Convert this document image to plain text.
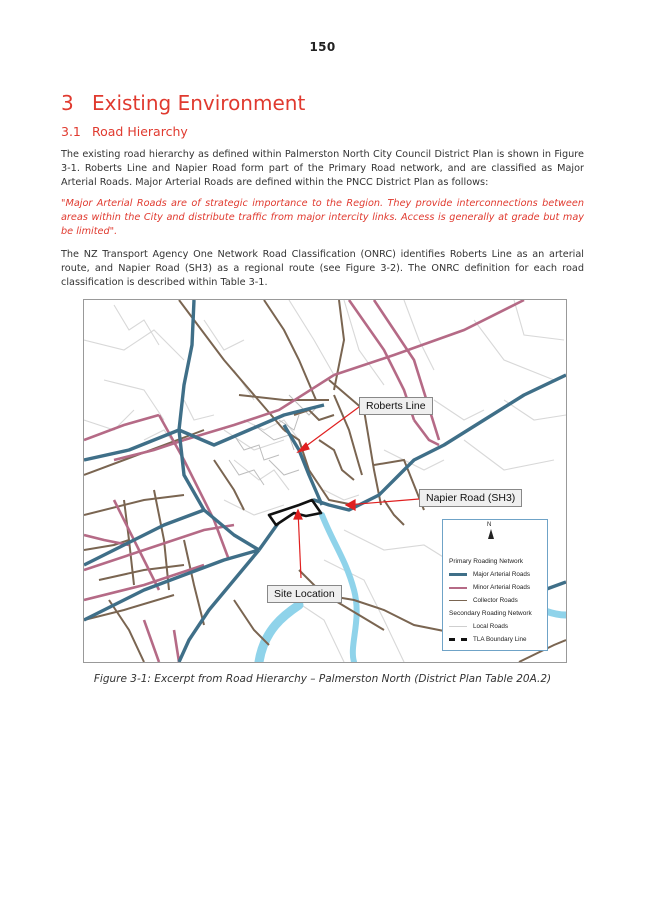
150
3 Existing Environment
3.1 Road Hierarchy
The existing road hierarchy as defined within Palmerston North City Council District Plan is shown in Figure 3-1. Roberts Line and Napier Road form part of the Primary Road network, and are classified as Major Arterial Roads. Major Arterial Roads are defined within the PNCC District Plan as follows:
"Major Arterial Roads are of strategic importance to the Region. They provide interconnections between areas within the City and distribute traffic from major intercity links. Access is generally at grade but may be limited".
The NZ Transport Agency One Network Road Classification (ONRC) identifies Roberts Line as an arterial route, and Napier Road (SH3) as a regional route (see Figure 3-2). The ONRC definition for each road classification is described within Table 3-1.
Roberts Line
Napier Road (SH3)
Site Location
N
Primary Roading Network
Major Arterial Roads
Minor Arterial Roads
Collector Roads
Secondary Roading Network
Local Roads
TLA Boundary Line
Figure 3-1: Excerpt from Road Hierarchy – Palmerston North (District Plan Table 20A.2)
